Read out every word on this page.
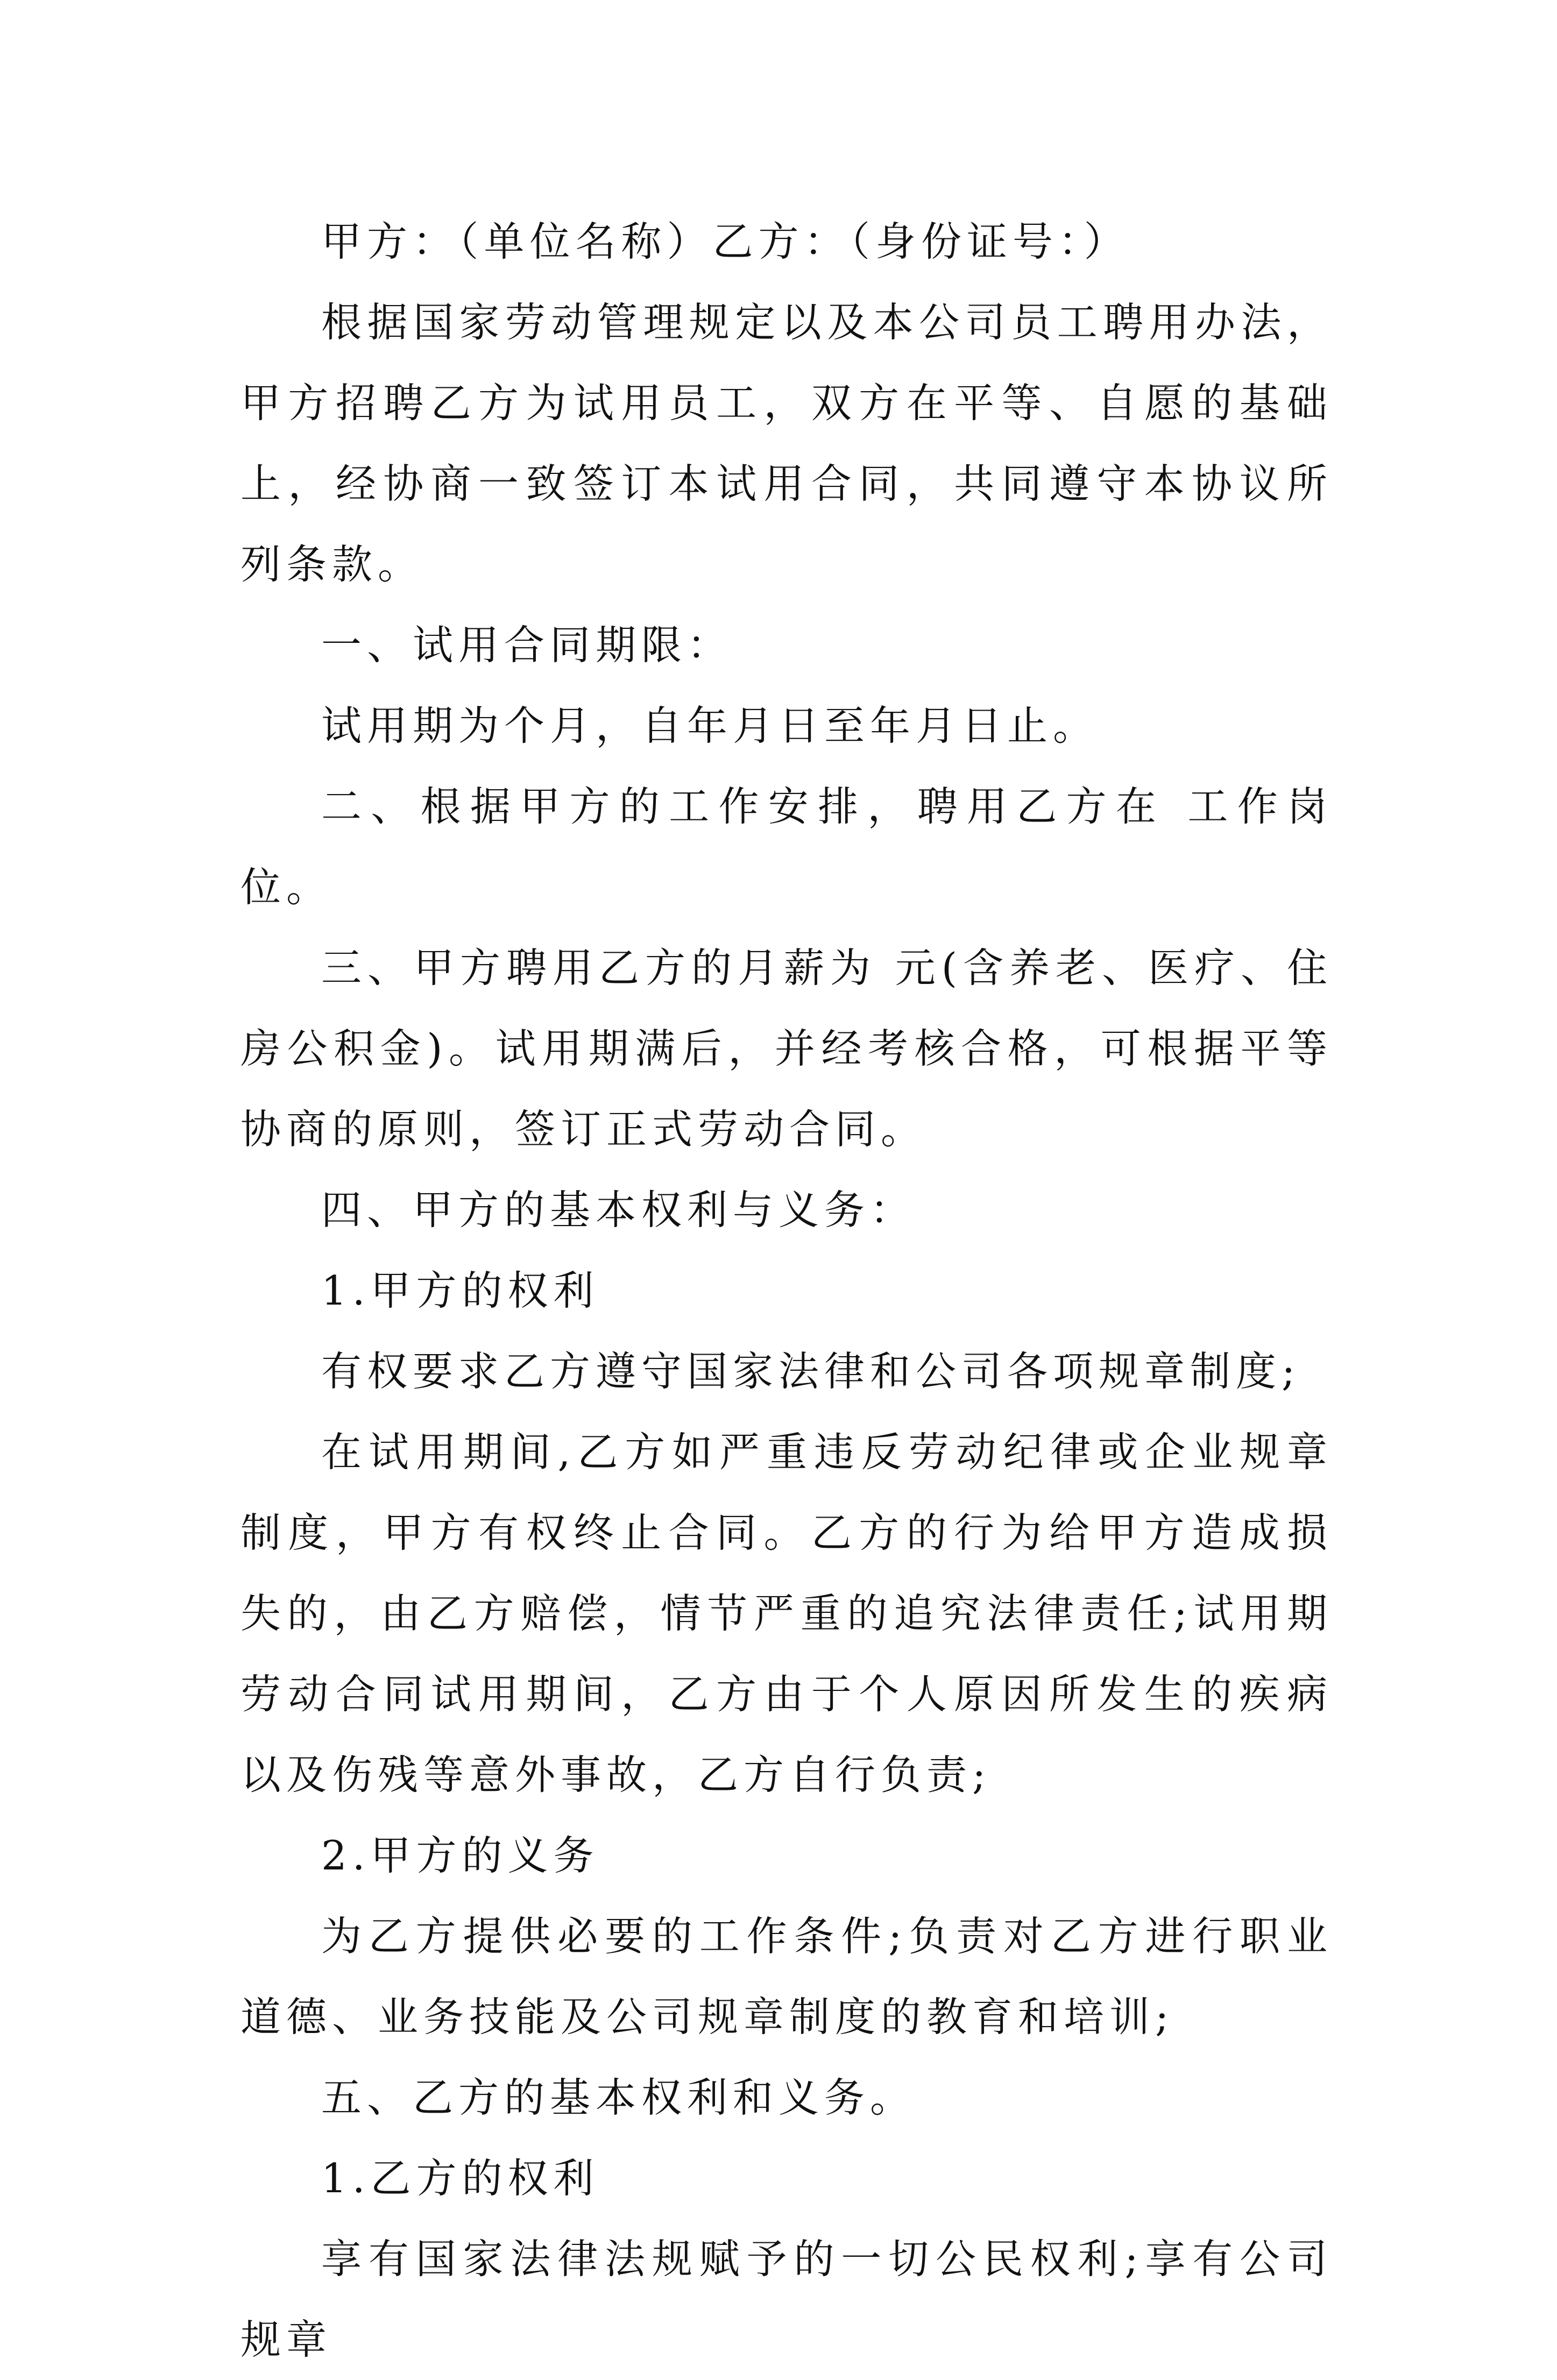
甲方：（单位名称）乙方：（身份证号：）

根据国家劳动管理规定以及本公司员工聘用办法，甲方招聘乙方为试用员工，双方在平等、自愿的基础上，经协商一致签订本试用合同，共同遵守本协议所列条款。

一、试用合同期限：

试用期为个月，自年月日至年月日止。

二、根据甲方的工作安排，聘用乙方在 工作岗位。

三、甲方聘用乙方的月薪为 元(含养老、医疗、住房公积金)。试用期满后，并经考核合格，可根据平等协商的原则，签订正式劳动合同。

四、甲方的基本权利与义务：

1.甲方的权利

有权要求乙方遵守国家法律和公司各项规章制度;

在试用期间,乙方如严重违反劳动纪律或企业规章制度，甲方有权终止合同。乙方的行为给甲方造成损失的，由乙方赔偿，情节严重的追究法律责任;试用期劳动合同试用期间，乙方由于个人原因所发生的疾病以及伤残等意外事故，乙方自行负责;

2.甲方的义务

为乙方提供必要的工作条件;负责对乙方进行职业道德、业务技能及公司规章制度的教育和培训;

五、乙方的基本权利和义务。

1.乙方的权利

享有国家法律法规赋予的一切公民权利;享有公司规章
